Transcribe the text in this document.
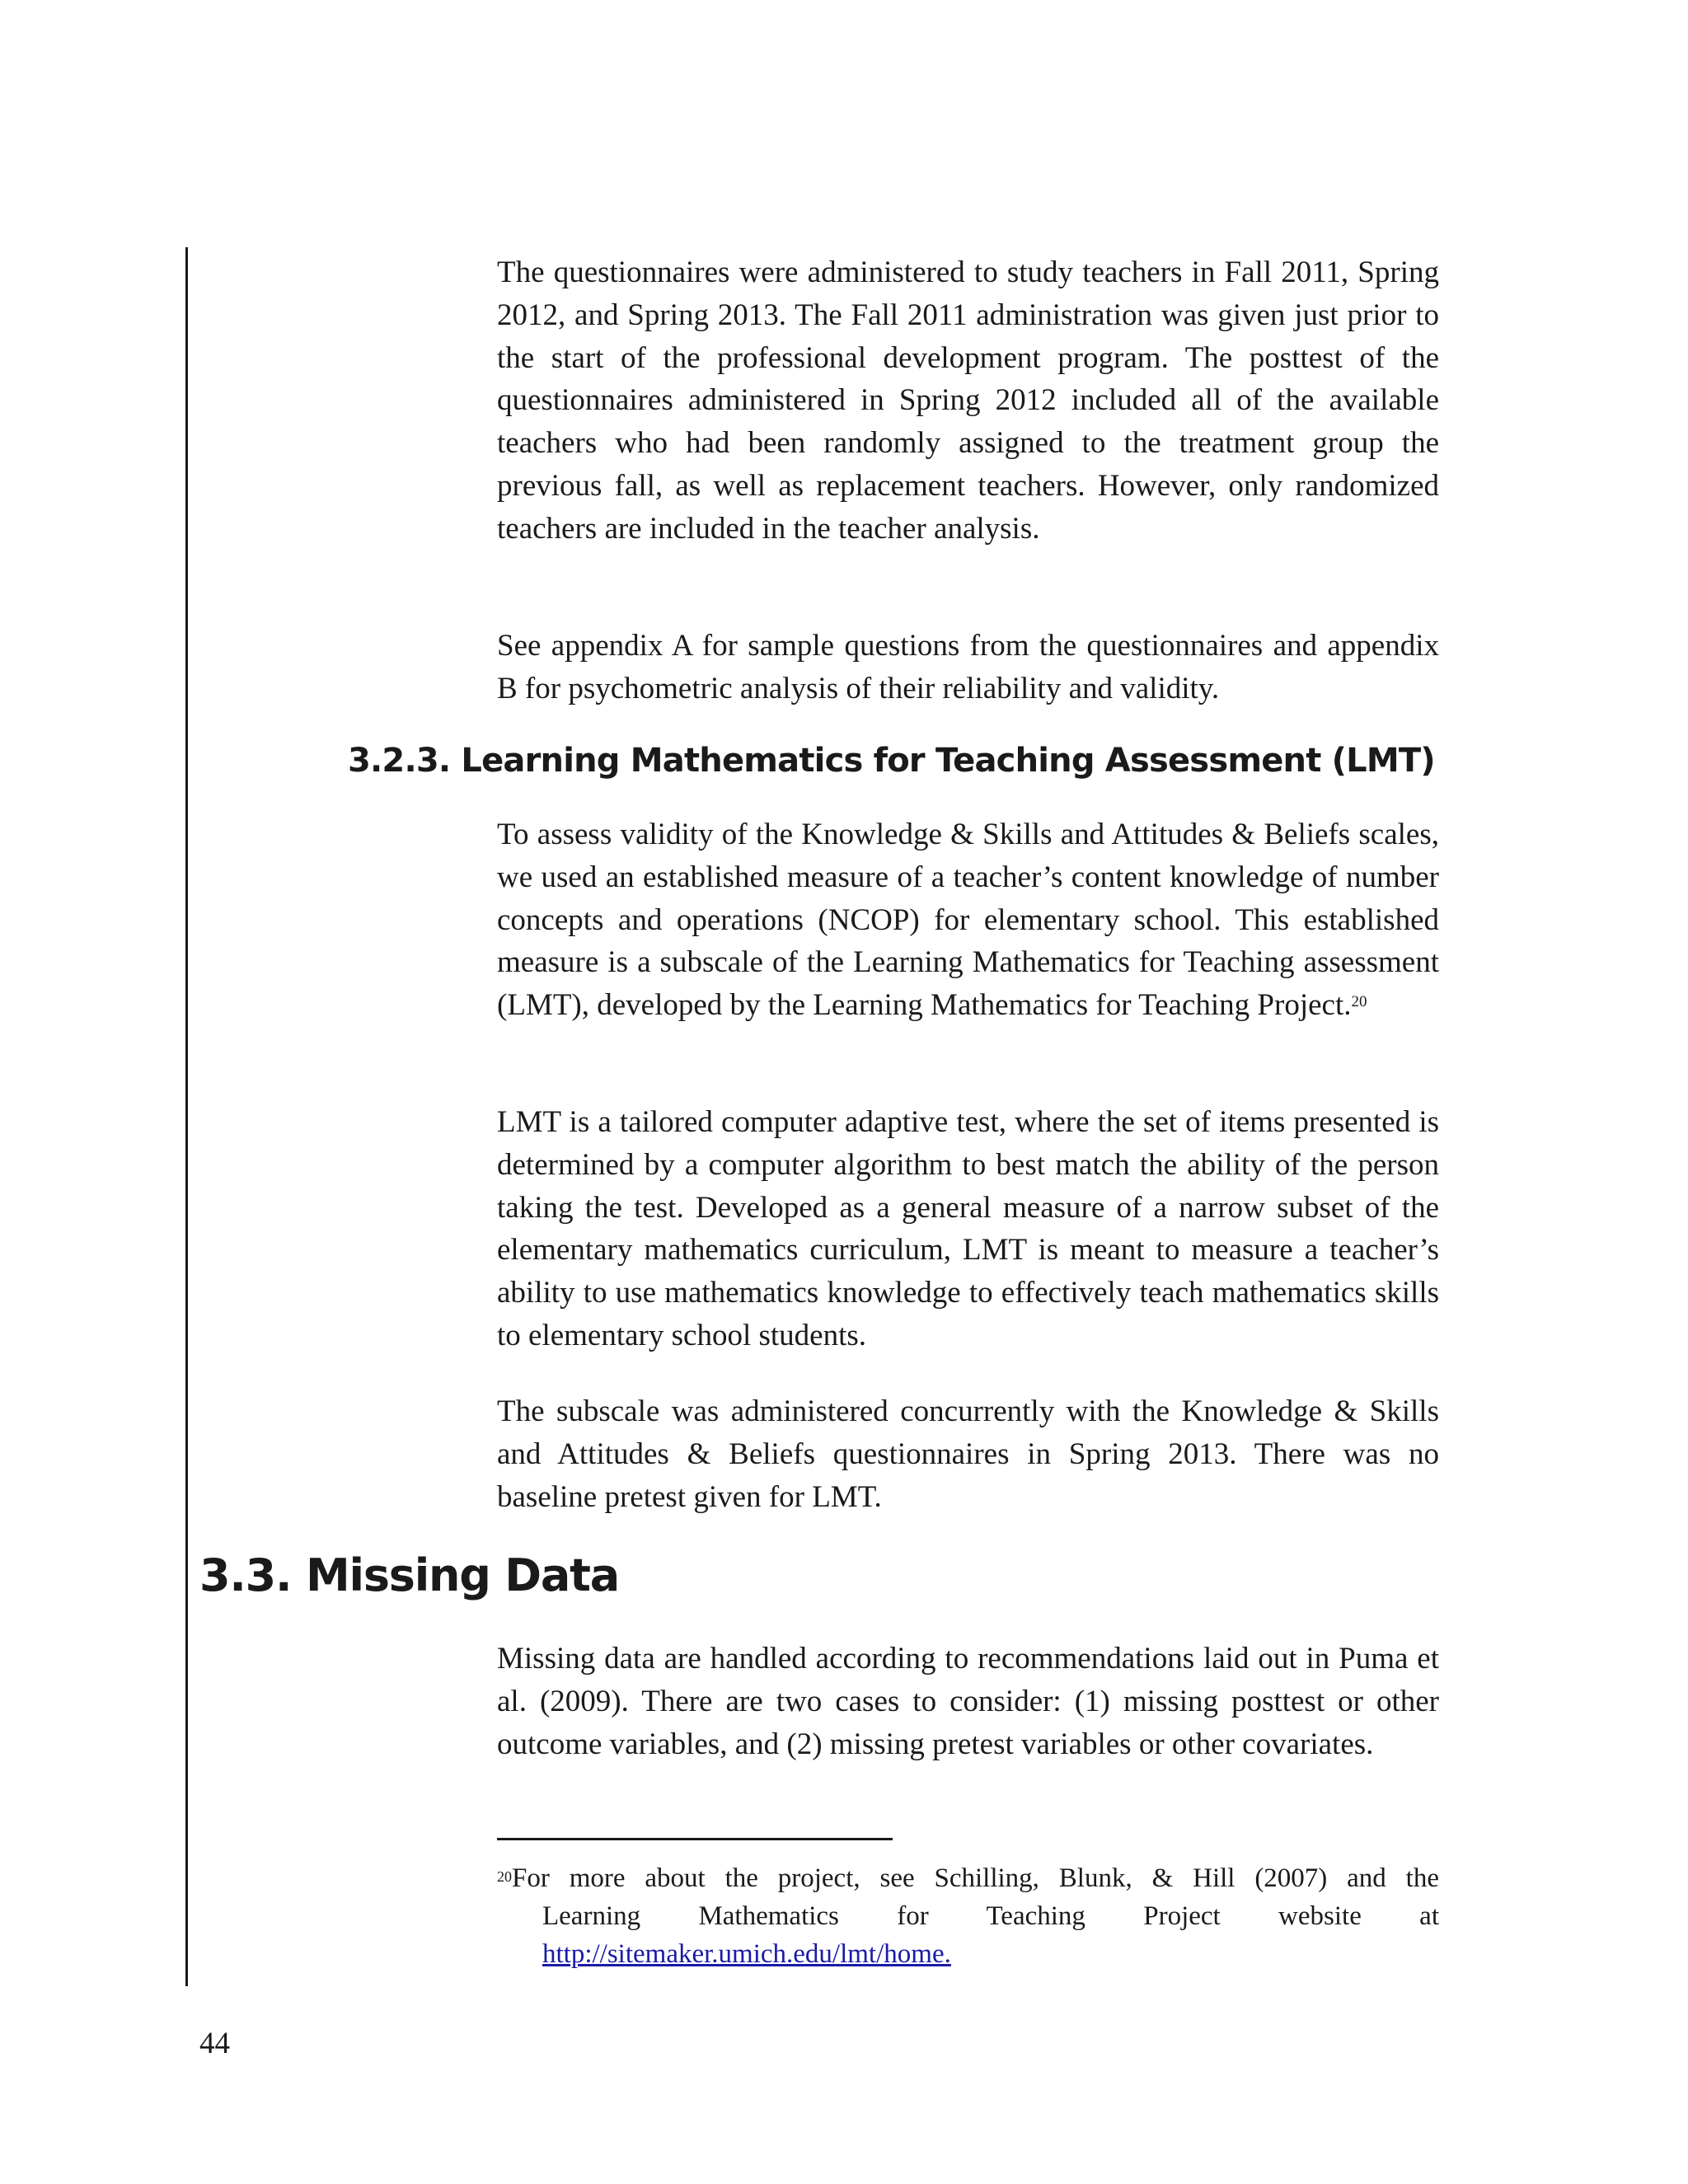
The questionnaires were administered to study teachers in Fall 2011, Spring 2012, and Spring 2013. The Fall 2011 administration was given just prior to the start of the professional development program. The posttest of the questionnaires administered in Spring 2012 included all of the available teachers who had been randomly assigned to the treatment group the previous fall, as well as replacement teachers. However, only randomized teachers are included in the teacher analysis.

See appendix A for sample questions from the questionnaires and appendix B for psychometric analysis of their reliability and validity.

3.2.3. Learning Mathematics for Teaching Assessment (LMT)

To assess validity of the Knowledge & Skills and Attitudes & Beliefs scales, we used an established measure of a teacher’s content knowledge of number concepts and operations (NCOP) for elementary school. This established measure is a subscale of the Learning Mathematics for Teaching assessment (LMT), developed by the Learning Mathematics for Teaching Project.$^{20}$

LMT is a tailored computer adaptive test, where the set of items presented is determined by a computer algorithm to best match the ability of the person taking the test. Developed as a general measure of a narrow subset of the elementary mathematics curriculum, LMT is meant to measure a teacher’s ability to use mathematics knowledge to effectively teach mathematics skills to elementary school students.

The subscale was administered concurrently with the Knowledge & Skills and Attitudes & Beliefs questionnaires in Spring 2013. There was no baseline pretest given for LMT.

3.3. Missing Data

Missing data are handled according to recommendations laid out in Puma et al. (2009). There are two cases to consider: (1) missing posttest or other outcome variables, and (2) missing pretest variables or other covariates.

$^{20}$For more about the project, see Schilling, Blunk, & Hill (2007) and the
Learning Mathematics for Teaching Project website at http://sitemaker.umich.edu/lmt/home.

44
